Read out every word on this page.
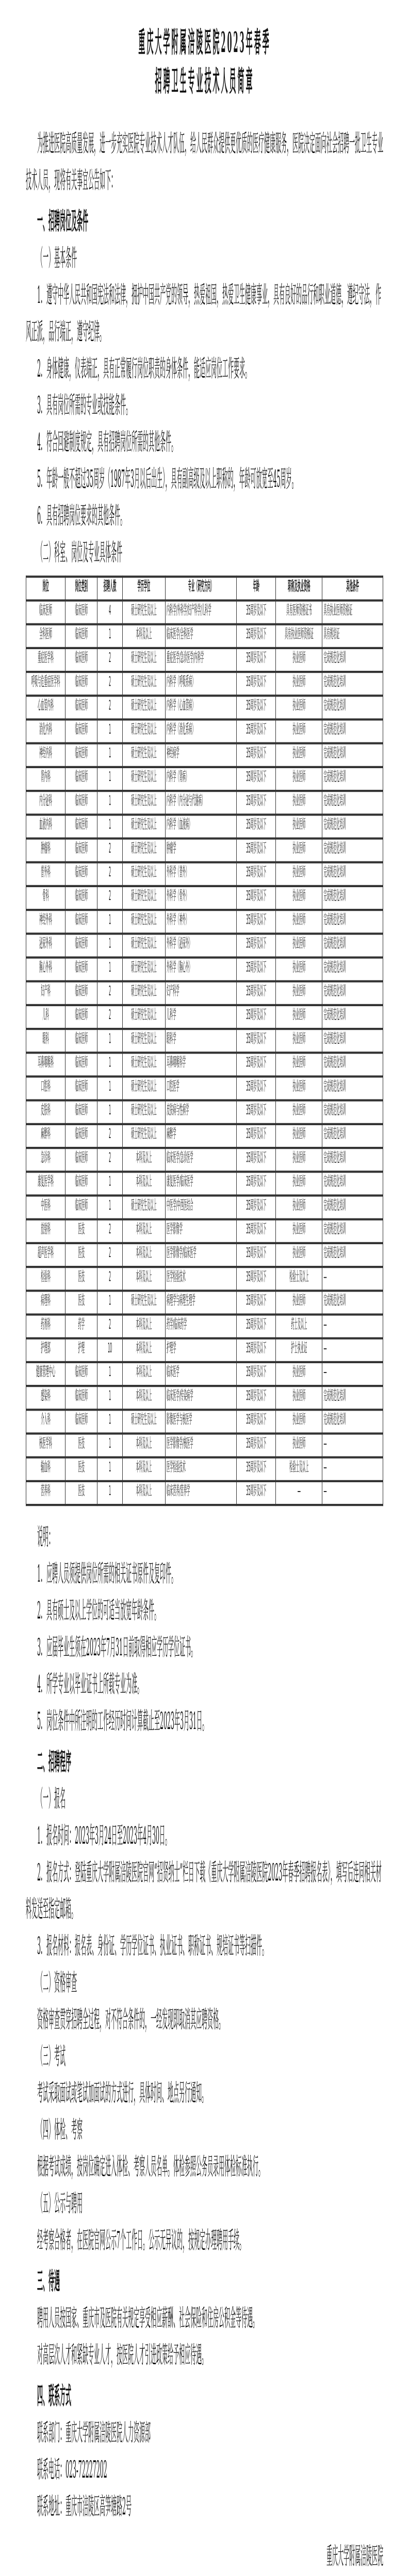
重庆大学附属涪陵医院2023年春季
招聘卫生专业技术人员简章

为推进医院高质量发展，进一步充实医院专业技术人才队伍，给人民群众提供更优质的医疗健康服务，医院决定面向社会招聘一批卫生专业技术人员，现将有关事宜公告如下：

一、招聘岗位及条件
（一）基本条件

1．遵守中华人民共和国宪法和法律，拥护中国共产党的领导，热爱祖国，热爱卫生健康事业，具有良好的品行和职业道德，遵纪守法，作风正派，品行端正，遵守纪律。

2．身体健康，仪表端正，具有正常履行岗位职责的身体条件，能适应岗位工作要求。

3．具有岗位所需的专业或技能条件。

4．符合回避制度规定，具有招聘岗位所需的其他条件。

5．年龄一般不超过35周岁（1987年3月以后出生），具有副高级及以上职称的，年龄可放宽至45周岁。

6．具有招聘岗位要求的其他条件。

（二）科室、岗位及专业具体条件
岗位	岗位类别	招聘人数	学历学位	专业（研究方向）	年龄	职称及执业资格	其他条件
临床医师	临床医师	4	硕士研究生及以上	内科学/外科学/妇产科学/儿科学	35周岁及以下	具有医师资格证书	具有执业医师资格证
全科医师	临床医师	1	本科及以上	临床医学/全科医学	35周岁及以下	具有执业医师资格证	具有规培证
重症医学科	临床医师	2	硕士研究生及以上	重症医学/急诊医学/内科学	35周岁及以下	执业医师	完成规范化培训
呼吸与危重症医学科	临床医师	2	硕士研究生及以上	内科学（呼吸系病）	35周岁及以下	执业医师	完成规范化培训
心血管内科	临床医师	2	硕士研究生及以上	内科学（心血管病）	35周岁及以下	执业医师	完成规范化培训
消化内科	临床医师	1	硕士研究生及以上	内科学（消化系病）	35周岁及以下	执业医师	完成规范化培训
神经内科	临床医师	1	硕士研究生及以上	神经病学	35周岁及以下	执业医师	完成规范化培训
肾内科	临床医师	1	硕士研究生及以上	内科学（肾病）	35周岁及以下	执业医师	完成规范化培训
内分泌科	临床医师	1	硕士研究生及以上	内科学（内分泌与代谢病）	35周岁及以下	执业医师	完成规范化培训
血液内科	临床医师	1	硕士研究生及以上	内科学（血液病）	35周岁及以下	执业医师	完成规范化培训
肿瘤科	临床医师	2	硕士研究生及以上	肿瘤学	35周岁及以下	执业医师	完成规范化培训
普外科	临床医师	2	硕士研究生及以上	外科学（普外）	35周岁及以下	执业医师	完成规范化培训
骨科	临床医师	2	硕士研究生及以上	外科学（骨外）	35周岁及以下	执业医师	完成规范化培训
神经外科	临床医师	1	硕士研究生及以上	外科学（神外）	35周岁及以下	执业医师	完成规范化培训
泌尿外科	临床医师	1	硕士研究生及以上	外科学（泌尿外）	35周岁及以下	执业医师	完成规范化培训
胸心外科	临床医师	1	硕士研究生及以上	外科学（胸心外）	35周岁及以下	执业医师	完成规范化培训
妇产科	临床医师	2	硕士研究生及以上	妇产科学	35周岁及以下	执业医师	完成规范化培训
儿科	临床医师	2	硕士研究生及以上	儿科学	35周岁及以下	执业医师	完成规范化培训
眼科	临床医师	1	硕士研究生及以上	眼科学	35周岁及以下	执业医师	完成规范化培训
耳鼻咽喉科	临床医师	1	硕士研究生及以上	耳鼻咽喉科学	35周岁及以下	执业医师	完成规范化培训
口腔科	临床医师	1	硕士研究生及以上	口腔医学	35周岁及以下	执业医师	完成规范化培训
皮肤科	临床医师	1	硕士研究生及以上	皮肤病与性病学	35周岁及以下	执业医师	完成规范化培训
麻醉科	临床医师	2	硕士研究生及以上	麻醉学	35周岁及以下	执业医师	完成规范化培训
急诊科	临床医师	2	本科及以上	临床医学/急诊医学	35周岁及以下	执业医师	完成规范化培训
康复医学科	临床医师	1	本科及以上	康复医学/临床医学	35周岁及以下	执业医师	完成规范化培训
中医科	临床医师	1	硕士研究生及以上	中医学/中西医结合	35周岁及以下	执业医师	完成规范化培训
放射科	医技	2	本科及以上	医学影像学	35周岁及以下	执业医师	完成规范化培训
超声医学科	医技	2	本科及以上	医学影像学/临床医学	35周岁及以下	执业医师	完成规范化培训
检验科	医技	2	本科及以上	医学检验技术	35周岁及以下	检验士及以上	—
病理科	医技	1	硕士研究生及以上	病理学与病理生理学	35周岁及以下	执业医师	完成规范化培训
药剂科	药学	2	本科及以上	药学/临床药学	35周岁及以下	药士及以上	—
护理部	护理	10	本科及以上	护理学	35周岁及以下	护士执业证	—
健康管理中心	临床医师	1	本科及以上	临床医学	35周岁及以下	执业医师	—
感染科	临床医师	1	本科及以上	临床医学/传染病学	35周岁及以下	执业医师	完成规范化培训
介入科	临床医师	1	硕士研究生及以上	影像医学与核医学	35周岁及以下	执业医师	完成规范化培训
核医学科	医技	1	本科及以上	医学影像学/核医学	35周岁及以下	执业医师	—
输血科	医技	1	本科及以上	医学检验技术	35周岁及以下	检验士及以上	—
营养科	医技	1	本科及以上	临床营养/营养学	35周岁及以下	—	—
说明：

1．应聘人员须提供岗位所需的相关证书原件及复印件。

2．具有硕士及以上学位的可适当放宽年龄条件。

3．应届毕业生须在2023年7月31日前取得相应学历学位证书。

4．所学专业以毕业证书上所载专业为准。

5．岗位条件中所注明的工作经历时间计算截止至2023年3月31日。

二、招聘程序

（一）报名

1．报名时间：2023年3月24日至2023年4月30日。

2．报名方式：登陆重庆大学附属涪陵医院官网“招贤纳士”栏目下载《重庆大学附属涪陵医院2023年春季招聘报名表》，填写后连同相关材料发送至指定邮箱。

3．报名材料：报名表、身份证、学历学位证书、执业证书、职称证书、规培证书等扫描件。

（二）资格审查

资格审查贯穿招聘全过程，对不符合条件的，一经发现即取消其应聘资格。

（三）考试

考试采取面试或笔试加面试的方式进行，具体时间、地点另行通知。

（四）体检、考察

根据考试成绩，按岗位确定进入体检、考察人员名单。体检参照公务员录用体检标准执行。

（五）公示与聘用

经考察合格者，在医院官网公示7个工作日。公示无异议的，按规定办理聘用手续。

三、待遇

聘用人员按国家、重庆市及医院有关规定享受相应薪酬、社会保险和住房公积金等待遇。

对高层次人才和紧缺专业人才，按医院人才引进政策给予相应待遇。

四、联系方式

联系部门：重庆大学附属涪陵医院人力资源部

联系电话：023-72227202

联系地址：重庆市涪陵区高笋塘路2号

重庆大学附属涪陵医院
